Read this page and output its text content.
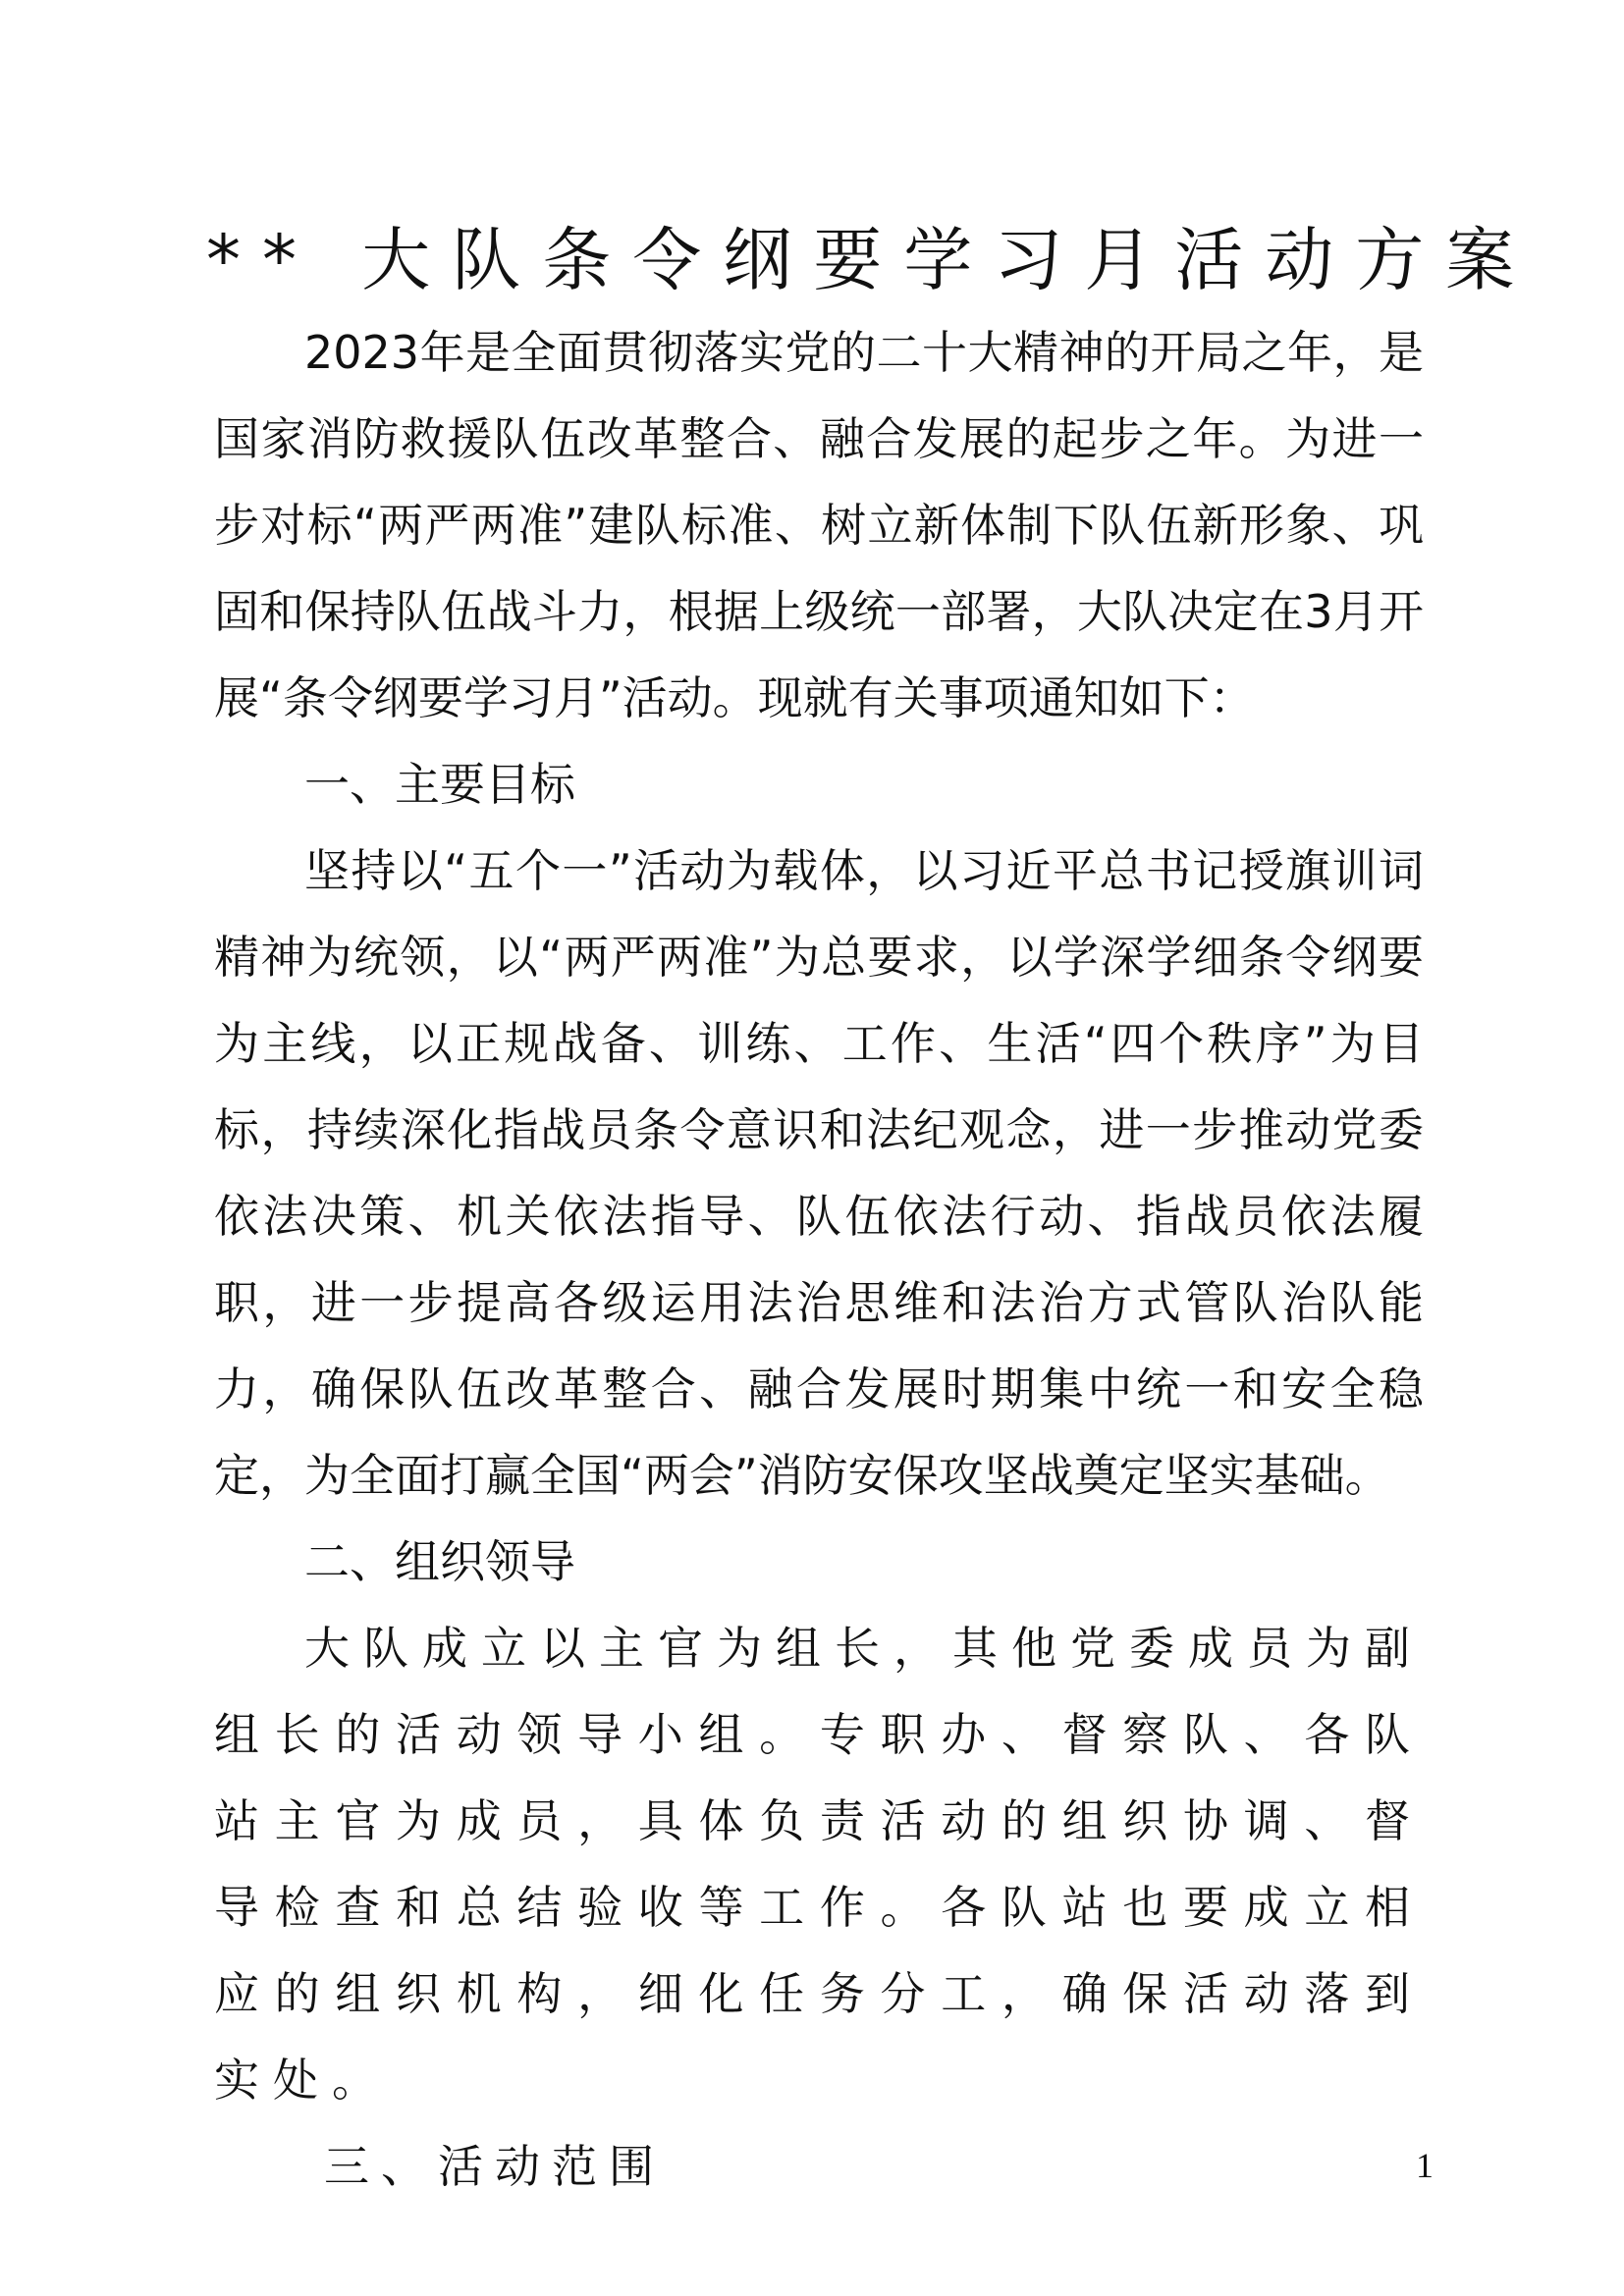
** 大队条令纲要学习月活动方案

2023年是全面贯彻落实党的二十大精神的开局之年，是国家消防救援队伍改革整合、融合发展的起步之年。为进一步对标“两严两准”建队标准、树立新体制下队伍新形象、巩固和保持队伍战斗力，根据上级统一部署，大队决定在3月开展“条令纲要学习月”活动。现就有关事项通知如下：

一、主要目标

坚持以“五个一”活动为载体，以习近平总书记授旗训词精神为统领，以“两严两准”为总要求，以学深学细条令纲要为主线，以正规战备、训练、工作、生活“四个秩序”为目标，持续深化指战员条令意识和法纪观念，进一步推动党委依法决策、机关依法指导、队伍依法行动、指战员依法履职，进一步提高各级运用法治思维和法治方式管队治队能力，确保队伍改革整合、融合发展时期集中统一和安全稳定，为全面打赢全国“两会”消防安保攻坚战奠定坚实基础。

二、组织领导

大队成立以主官为组长，其他党委成员为副组长的活动领导小组。专职办、督察队、各队站主官为成员，具体负责活动的组织协调、督导检查和总结验收等工作。各队站也要成立相应的组织机构，细化任务分工，确保活动落到实处。

三、活动范围	1
